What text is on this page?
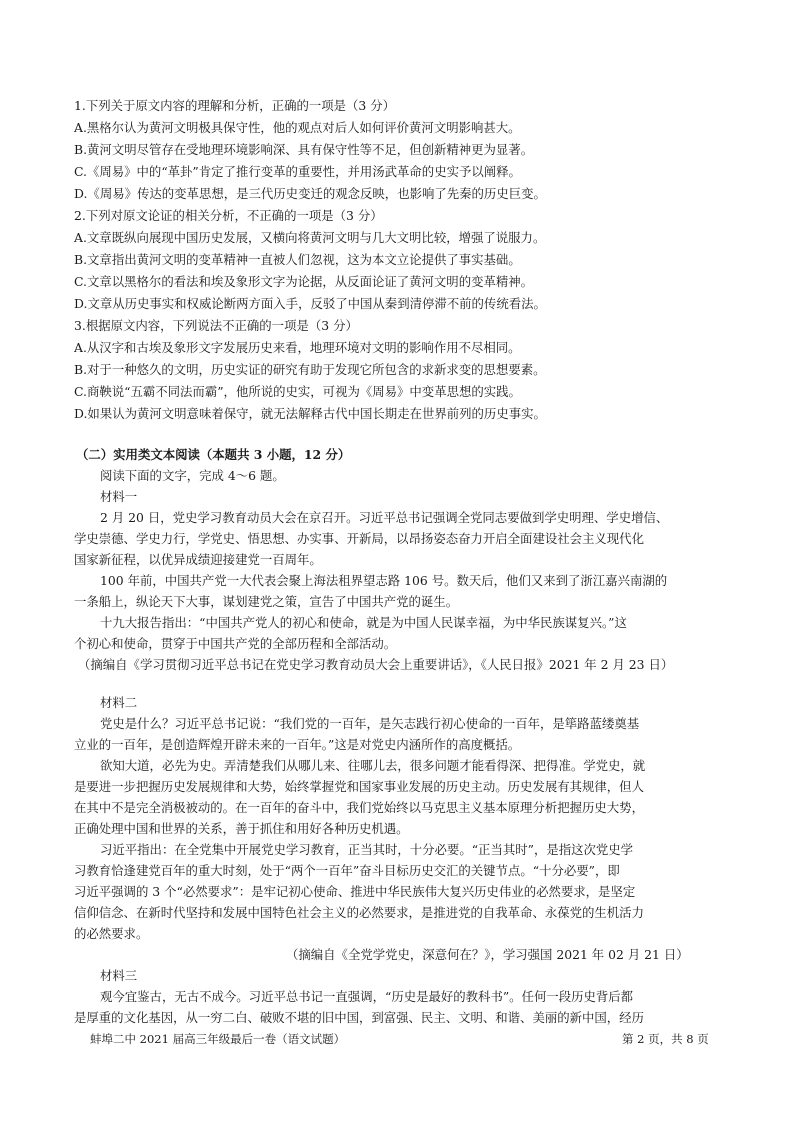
1.下列关于原文内容的理解和分析，正确的一项是（3 分）
A.黑格尔认为黄河文明极具保守性，他的观点对后人如何评价黄河文明影响甚大。
B.黄河文明尽管存在受地理环境影响深、具有保守性等不足，但创新精神更为显著。
C.《周易》中的“革卦”肯定了推行变革的重要性，并用汤武革命的史实予以阐释。
D.《周易》传达的变革思想，是三代历史变迁的观念反映，也影响了先秦的历史巨变。
2.下列对原文论证的相关分析，不正确的一项是（3 分）
A.文章既纵向展现中国历史发展，又横向将黄河文明与几大文明比较，增强了说服力。
B.文章指出黄河文明的变革精神一直被人们忽视，这为本文立论提供了事实基础。
C.文章以黑格尔的看法和埃及象形文字为论据，从反面论证了黄河文明的变革精神。
D.文章从历史事实和权威论断两方面入手，反驳了中国从秦到清停滞不前的传统看法。
3.根据原文内容，下列说法不正确的一项是（3 分）
A.从汉字和古埃及象形文字发展历史来看，地理环境对文明的影响作用不尽相同。
B.对于一种悠久的文明，历史实证的研究有助于发现它所包含的求新求变的思想要素。
C.商鞅说“五霸不同法而霸”，他所说的史实，可视为《周易》中变革思想的实践。
D.如果认为黄河文明意味着保守，就无法解释古代中国长期走在世界前列的历史事实。
（二）实用类文本阅读（本题共 3 小题，12 分）
阅读下面的文字，完成 4～6 题。
材料一
2 月 20 日，党史学习教育动员大会在京召开。习近平总书记强调全党同志要做到学史明理、学史增信、
学史崇德、学史力行，学党史、悟思想、办实事、开新局，以昂扬姿态奋力开启全面建设社会主义现代化
国家新征程，以优异成绩迎接建党一百周年。
100 年前，中国共产党一大代表会聚上海法租界望志路 106 号。数天后，他们又来到了浙江嘉兴南湖的
一条船上，纵论天下大事，谋划建党之策，宣告了中国共产党的诞生。
十九大报告指出：“中国共产党人的初心和使命，就是为中国人民谋幸福，为中华民族谋复兴。”这
个初心和使命，贯穿于中国共产党的全部历程和全部活动。
（摘编自《学习贯彻习近平总书记在党史学习教育动员大会上重要讲话》，《人民日报》2021 年 2 月 23 日）
材料二
党史是什么？习近平总书记说：“我们党的一百年，是矢志践行初心使命的一百年，是筚路蓝缕奠基
立业的一百年，是创造辉煌开辟未来的一百年。”这是对党史内涵所作的高度概括。
欲知大道，必先为史。弄清楚我们从哪儿来、往哪儿去，很多问题才能看得深、把得准。学党史，就
是要进一步把握历史发展规律和大势，始终掌握党和国家事业发展的历史主动。历史发展有其规律，但人
在其中不是完全消极被动的。在一百年的奋斗中，我们党始终以马克思主义基本原理分析把握历史大势，
正确处理中国和世界的关系，善于抓住和用好各种历史机遇。
习近平指出：在全党集中开展党史学习教育，正当其时，十分必要。“正当其时”，是指这次党史学
习教育恰逢建党百年的重大时刻，处于“两个一百年”奋斗目标历史交汇的关键节点。“十分必要”，即
习近平强调的 3 个“必然要求”：是牢记初心使命、推进中华民族伟大复兴历史伟业的必然要求，是坚定
信仰信念、在新时代坚持和发展中国特色社会主义的必然要求，是推进党的自我革命、永葆党的生机活力
的必然要求。
（摘编自《全党学党史，深意何在？》，学习强国 2021 年 02 月 21 日）
材料三
观今宜鉴古，无古不成今。习近平总书记一直强调，“历史是最好的教科书”。任何一段历史背后都
是厚重的文化基因，从一穷二白、破败不堪的旧中国，到富强、民主、文明、和谐、美丽的新中国，经历
蚌埠二中 2021 届高三年级最后一卷（语文试题）	第 2 页，共 8 页
